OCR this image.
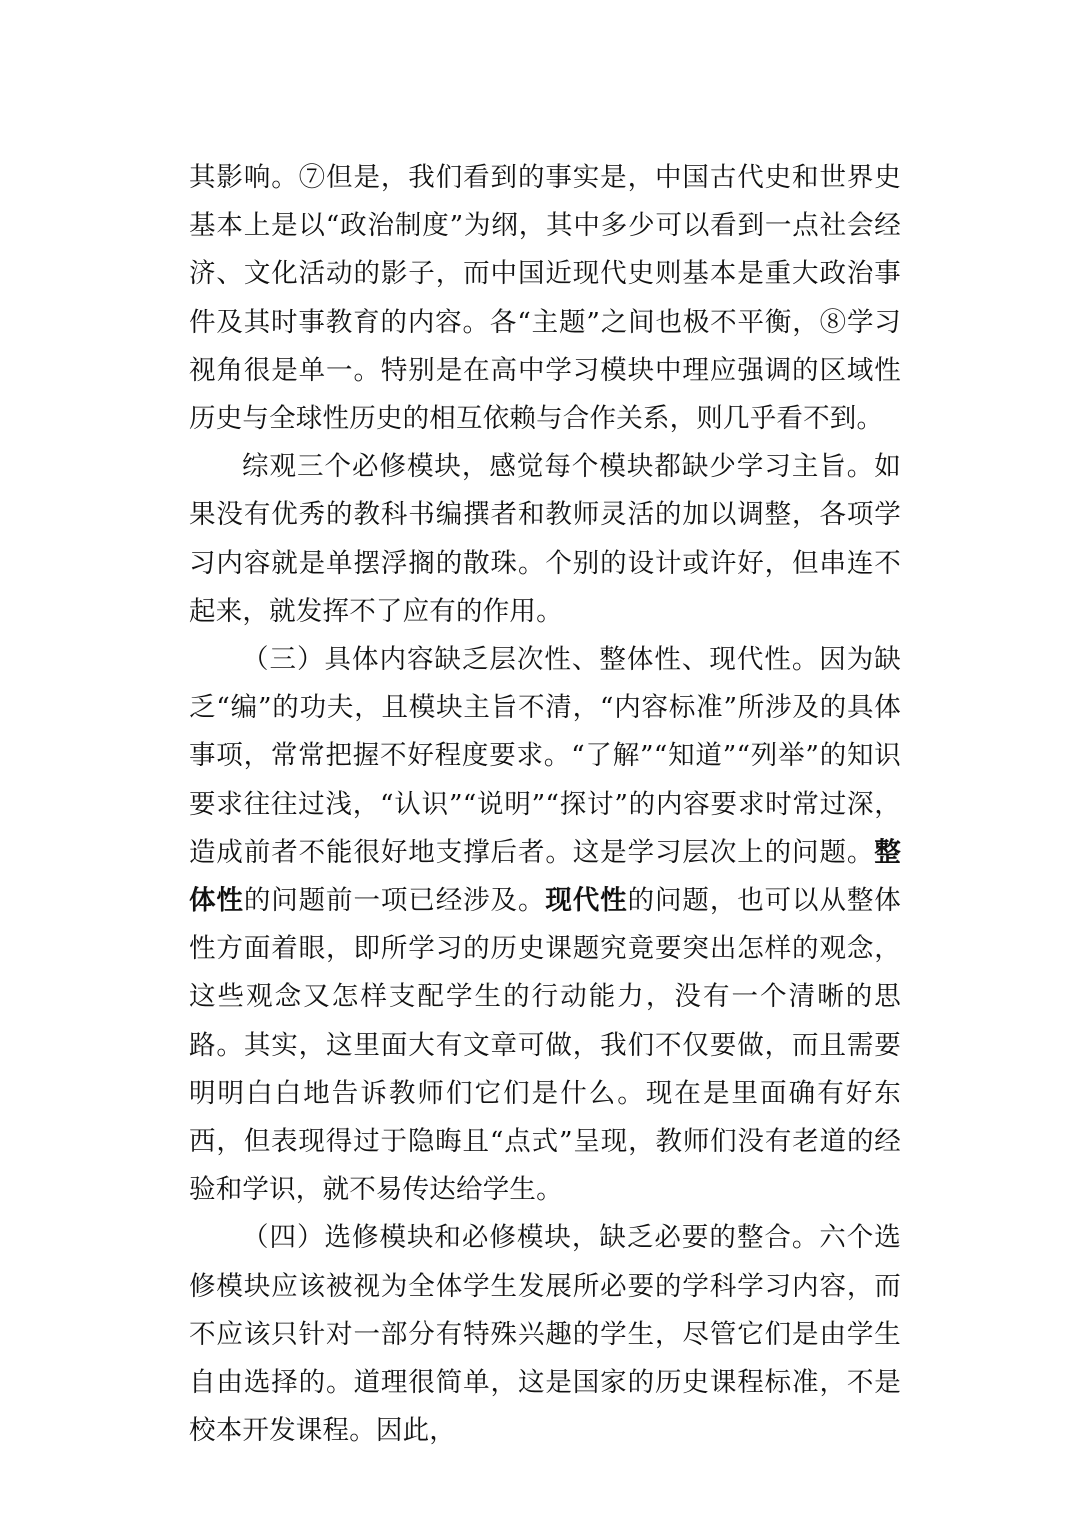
其影响。⑦但是，我们看到的事实是，中国古代史和世界史基本上是以“政治制度”为纲，其中多少可以看到一点社会经济、文化活动的影子，而中国近现代史则基本是重大政治事件及其时事教育的内容。各“主题”之间也极不平衡，⑧学习视角很是单一。特别是在高中学习模块中理应强调的区域性历史与全球性历史的相互依赖与合作关系，则几乎看不到。

综观三个必修模块，感觉每个模块都缺少学习主旨。如果没有优秀的教科书编撰者和教师灵活的加以调整，各项学习内容就是单摆浮搁的散珠。个别的设计或许好，但串连不起来，就发挥不了应有的作用。

（三）具体内容缺乏层次性、整体性、现代性。因为缺乏“编”的功夫，且模块主旨不清，“内容标准”所涉及的具体事项，常常把握不好程度要求。“了解”“知道”“列举”的知识要求往往过浅，“认识”“说明”“探讨”的内容要求时常过深，造成前者不能很好地支撑后者。这是学习层次上的问题。整体性的问题前一项已经涉及。现代性的问题，也可以从整体性方面着眼，即所学习的历史课题究竟要突出怎样的观念，这些观念又怎样支配学生的行动能力，没有一个清晰的思路。其实，这里面大有文章可做，我们不仅要做，而且需要明明白白地告诉教师们它们是什么。现在是里面确有好东西，但表现得过于隐晦且“点式”呈现，教师们没有老道的经验和学识，就不易传达给学生。

（四）选修模块和必修模块，缺乏必要的整合。六个选修模块应该被视为全体学生发展所必要的学科学习内容，而不应该只针对一部分有特殊兴趣的学生，尽管它们是由学生自由选择的。道理很简单，这是国家的历史课程标准，不是校本开发课程。因此，
